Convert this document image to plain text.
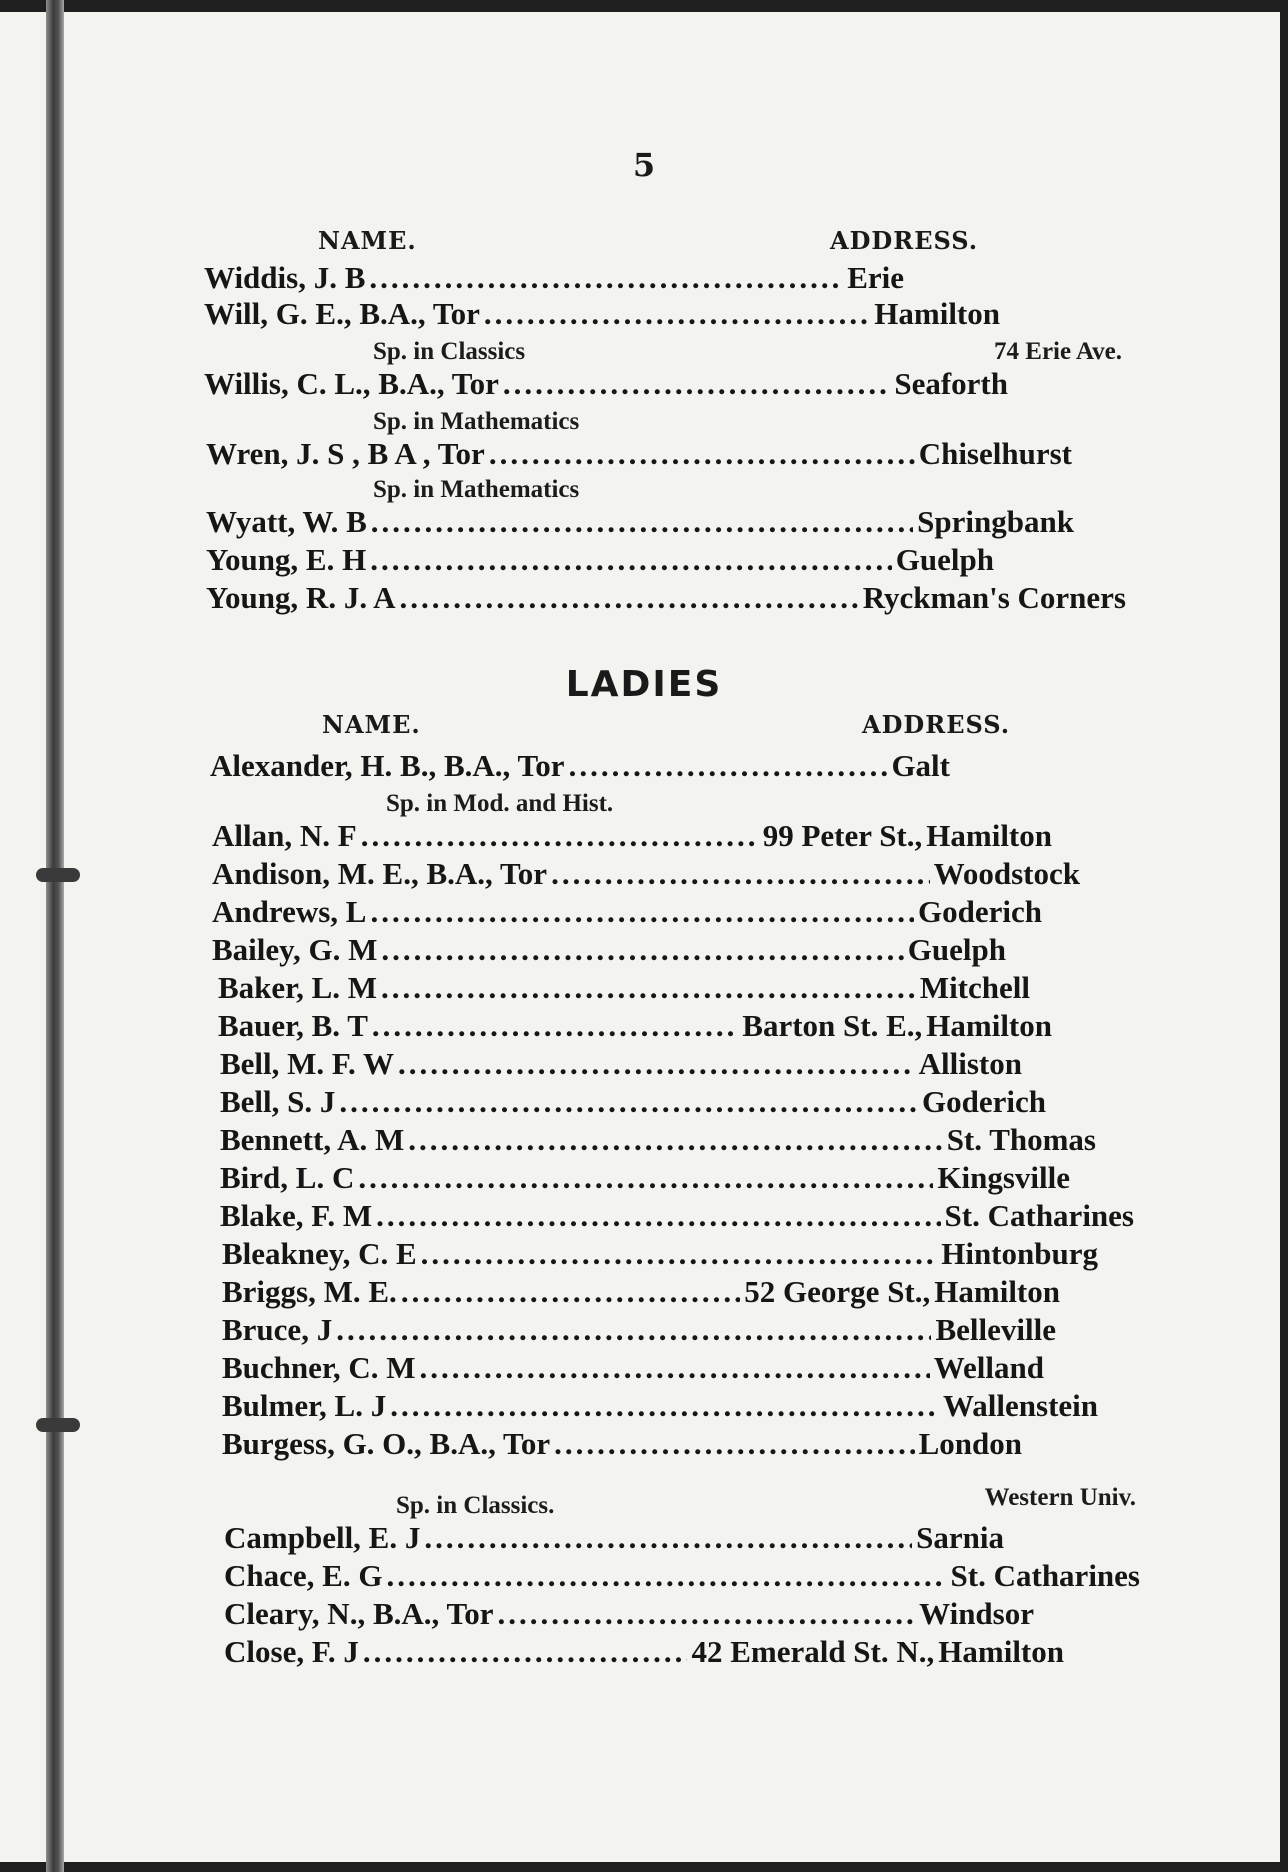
5
NAME.	ADDRESS.
Widdis, J. B .....	Erie
Will, G. E., B.A., Tor .....	Hamilton
Sp. in Classics	74 Erie Ave.
Willis, C. L., B.A., Tor .....	Seaforth
Sp. in Mathematics
Wren, J. S , B A , Tor .....	Chiselhurst
Sp. in Mathematics
Wyatt, W. B .....	Springbank
Young, E. H .....	Guelph
Young, R. J. A .....	Ryckman's Corners
LADIES
NAME.	ADDRESS.
Alexander, H. B., B.A., Tor .....	Galt
Sp. in Mod. and Hist.
Allan, N. F .....	99 Peter St., Hamilton
Andison, M. E., B.A., Tor .....	Woodstock
Andrews, L .....	Goderich
Bailey, G. M .....	Guelph
Baker, L. M .....	Mitchell
Bauer, B. T .....	Barton St. E., Hamilton
Bell, M. F. W .....	Alliston
Bell, S. J .....	Goderich
Bennett, A. M .....	St. Thomas
Bird, L. C .....	Kingsville
Blake, F. M .....	St. Catharines
Bleakney, C. E .....	Hintonburg
Briggs, M. E. .....	52 George St., Hamilton
Bruce, J .....	Belleville
Buchner, C. M .....	Welland
Bulmer, L. J .....	Wallenstein
Burgess, G. O., B.A., Tor .....	London
Sp. in Classics.	Western Univ.
Campbell, E. J .....	Sarnia
Chace, E. G .....	St. Catharines
Cleary, N., B.A., Tor .....	Windsor
Close, F. J .....	42 Emerald St. N., Hamilton
